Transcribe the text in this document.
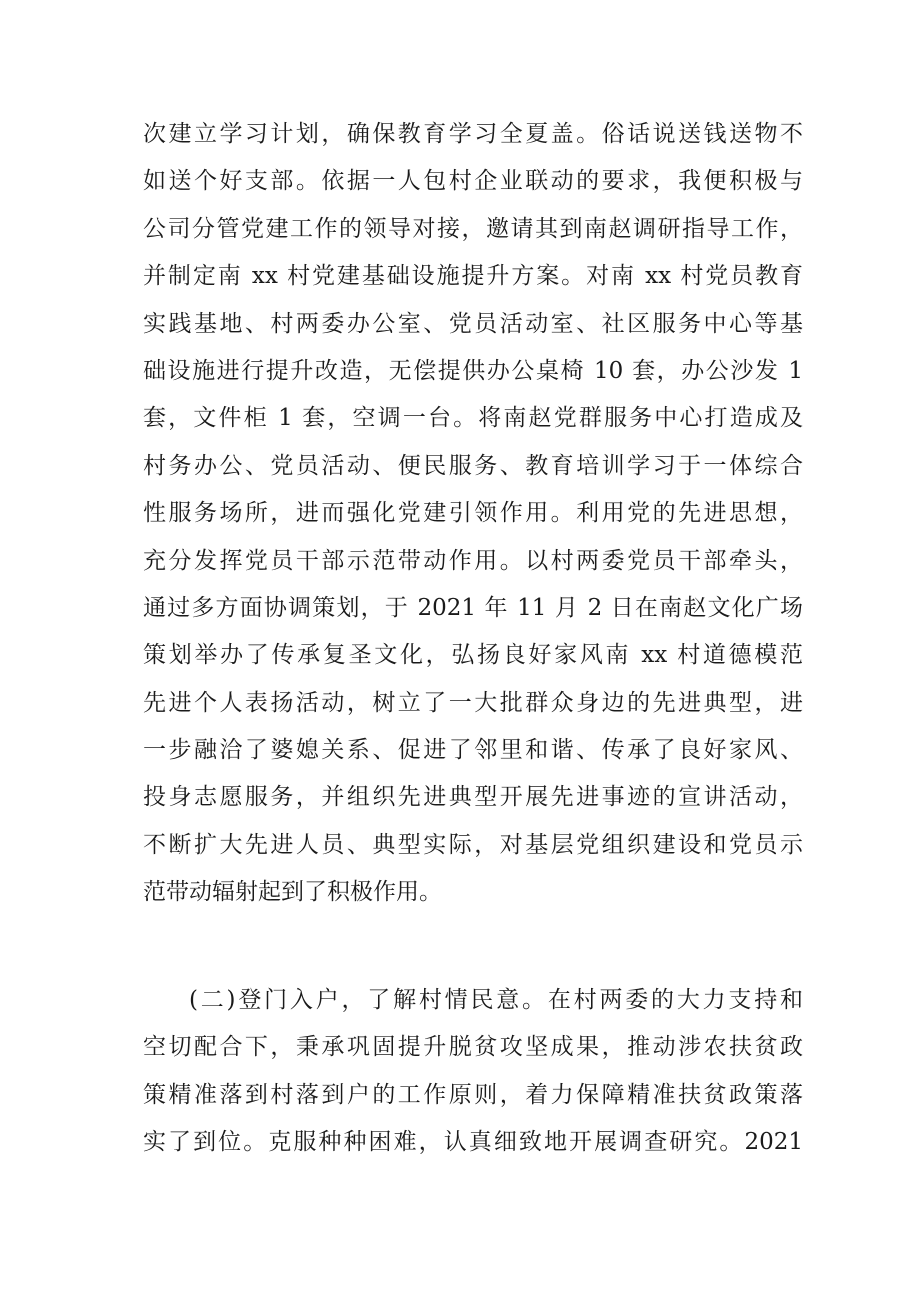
次建立学习计划，确保教育学习全夏盖。俗话说送钱送物不
如送个好支部。依据一人包村企业联动的要求，我便积极与
公司分管党建工作的领导对接，邀请其到南赵调研指导工作，
并制定南 xx 村党建基础设施提升方案。对南 xx 村党员教育
实践基地、村两委办公室、党员活动室、社区服务中心等基
础设施进行提升改造，无偿提供办公桌椅 10 套，办公沙发 1
套，文件柜 1 套，空调一台。将南赵党群服务中心打造成及
村务办公、党员活动、便民服务、教育培训学习于一体综合
性服务场所，进而强化党建引领作用。利用党的先进思想，
充分发挥党员干部示范带动作用。以村两委党员干部牵头，
通过多方面协调策划，于 2021 年 11 月 2 日在南赵文化广场
策划举办了传承复圣文化，弘扬良好家风南 xx 村道德模范
先进个人表扬活动，树立了一大批群众身边的先进典型，进
一步融洽了婆媳关系、促进了邻里和谐、传承了良好家风、
投身志愿服务，并组织先进典型开展先进事迹的宣讲活动，
不断扩大先进人员、典型实际，对基层党组织建设和党员示
范带动辐射起到了积极作用。
(二)登门入户，了解村情民意。在村两委的大力支持和
空切配合下，秉承巩固提升脱贫攻坚成果，推动涉农扶贫政
策精准落到村落到户的工作原则，着力保障精准扶贫政策落
实了到位。克服种种困难，认真细致地开展调查研究。2021
